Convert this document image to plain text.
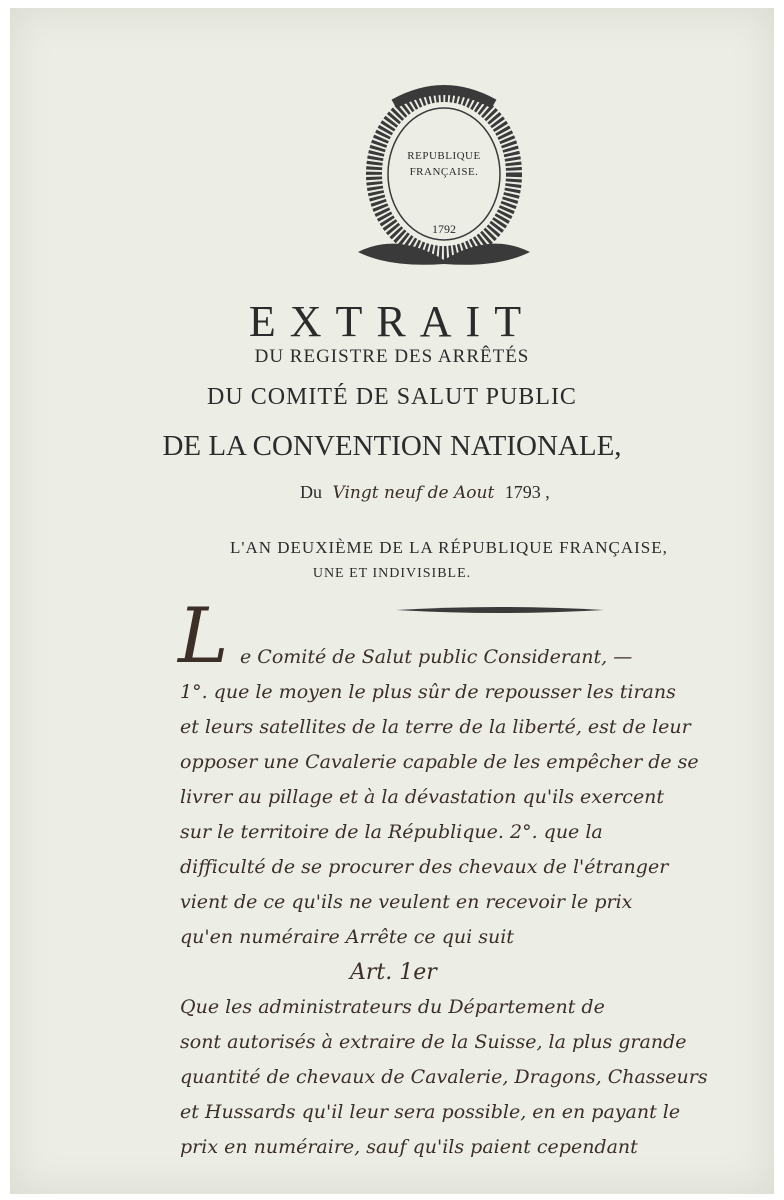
REPUBLIQUE
FRANÇAISE.
1792
EXTRAIT
DU REGISTRE DES ARRÊTÉS
DU COMITÉ DE SALUT PUBLIC
DE LA CONVENTION NATIONALE,
Du Vingt neuf de Aout 1793 ,
L'AN DEUXIÈME DE LA RÉPUBLIQUE FRANÇAISE,
UNE ET INDIVISIBLE.
L e Comité de Salut public Considerant, —
1°. que le moyen le plus sûr de repousser les tirans
et leurs satellites de la terre de la liberté, est de leur
opposer une Cavalerie capable de les empêcher de se
livrer au pillage et à la dévastation qu'ils exercent
sur le territoire de la République. 2°. que la
difficulté de se procurer des chevaux de l'étranger
vient de ce qu'ils ne veulent en recevoir le prix
qu'en numéraire Arrête ce qui suit
Art. 1er
Que les administrateurs du Département de
sont autorisés à extraire de la Suisse, la plus grande
quantité de chevaux de Cavalerie, Dragons, Chasseurs
et Hussards qu'il leur sera possible, en en payant le
prix en numéraire, sauf qu'ils paient cependant
